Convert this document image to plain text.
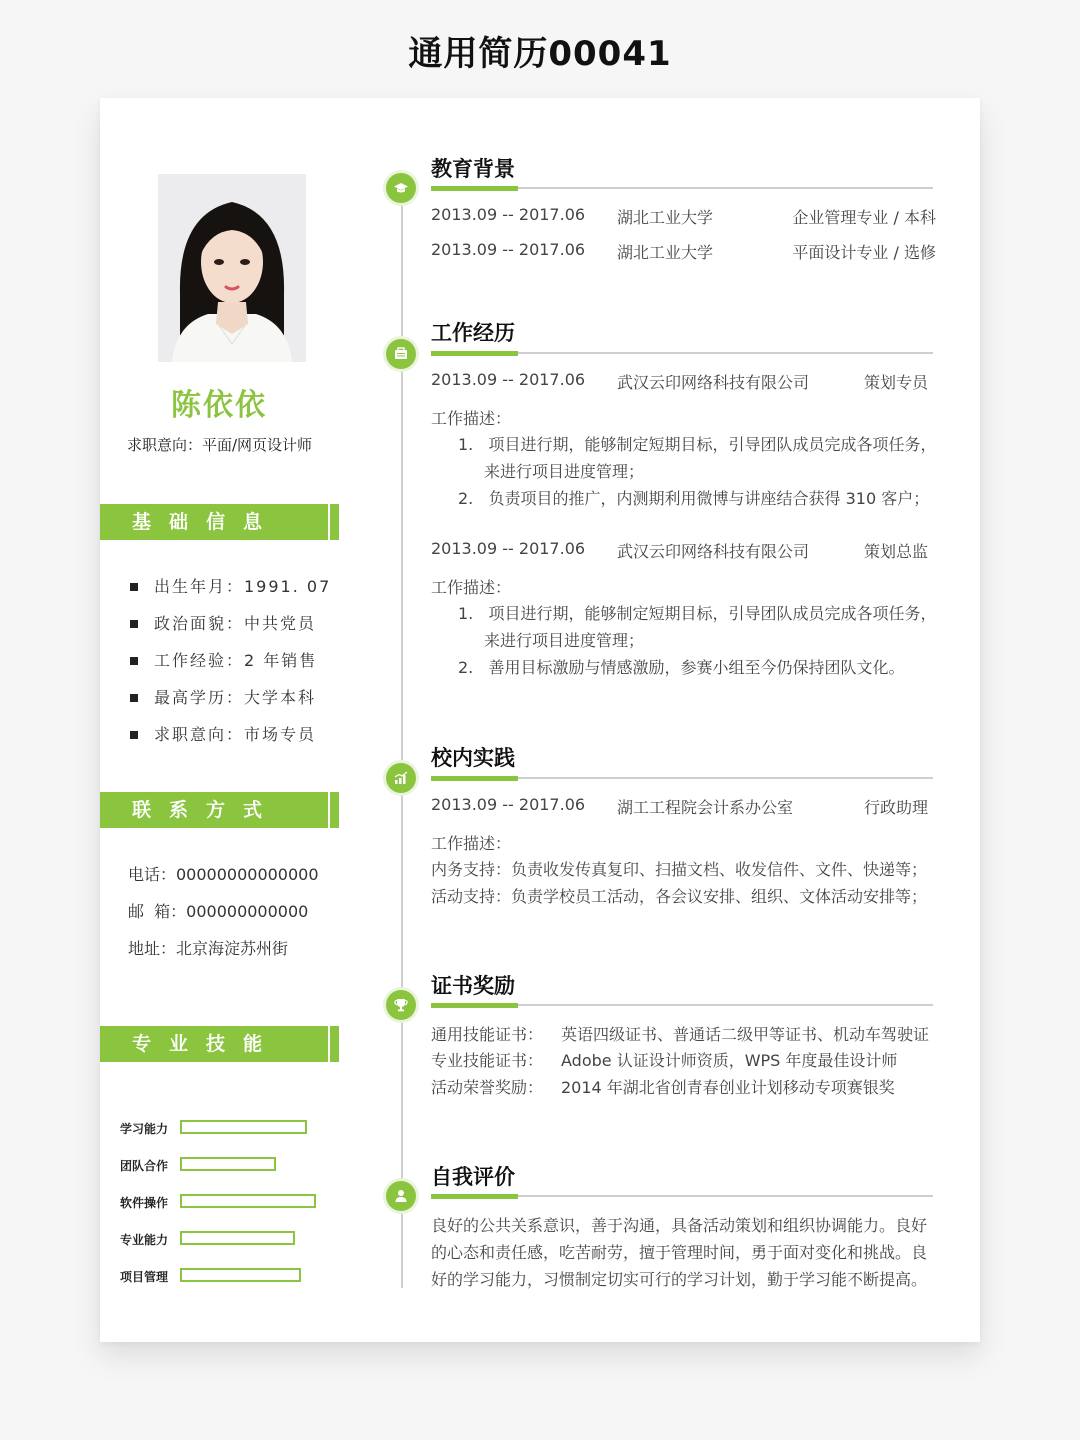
通用简历00041
陈依依
求职意向：平面/网页设计师
基础信息
出生年月：1991. 07
政治面貌：中共党员
工作经验：2 年销售
最高学历：大学本科
求职意向：市场专员
联系方式
电话：00000000000000
邮  箱：000000000000
地址：北京海淀苏州街
专业技能
学习能力
团队合作
软件操作
专业能力
项目管理
教育背景
2013.09 -- 2017.06 湖北工业大学	企业管理专业 / 本科
2013.09 -- 2017.06 湖北工业大学	平面设计专业 / 选修
工作经历
2013.09 -- 2017.06 武汉云印网络科技有限公司	策划专员
工作描述：
1.   项目进行期，能够制定短期目标，引导团队成员完成各项任务，
来进行项目进度管理；
2.   负责项目的推广，内测期利用微博与讲座结合获得 310 客户；
2013.09 -- 2017.06 武汉云印网络科技有限公司	策划总监
工作描述：
1.   项目进行期，能够制定短期目标，引导团队成员完成各项任务，
来进行项目进度管理；
2.   善用目标激励与情感激励，参赛小组至今仍保持团队文化。
校内实践
2013.09 -- 2017.06 湖工工程院会计系办公室	行政助理
工作描述：
内务支持：负责收发传真复印、扫描文档、收发信件、文件、快递等；
活动支持：负责学校员工活动，各会议安排、组织、文体活动安排等；
证书奖励
通用技能证书： 英语四级证书、普通话二级甲等证书、机动车驾驶证
专业技能证书： Adobe 认证设计师资质，WPS 年度最佳设计师
活动荣誉奖励： 2014 年湖北省创青春创业计划移动专项赛银奖
自我评价
良好的公共关系意识，善于沟通，具备活动策划和组织协调能力。良好的心态和责任感，吃苦耐劳，擅于管理时间，勇于面对变化和挑战。良好的学习能力，习惯制定切实可行的学习计划，勤于学习能不断提高。
